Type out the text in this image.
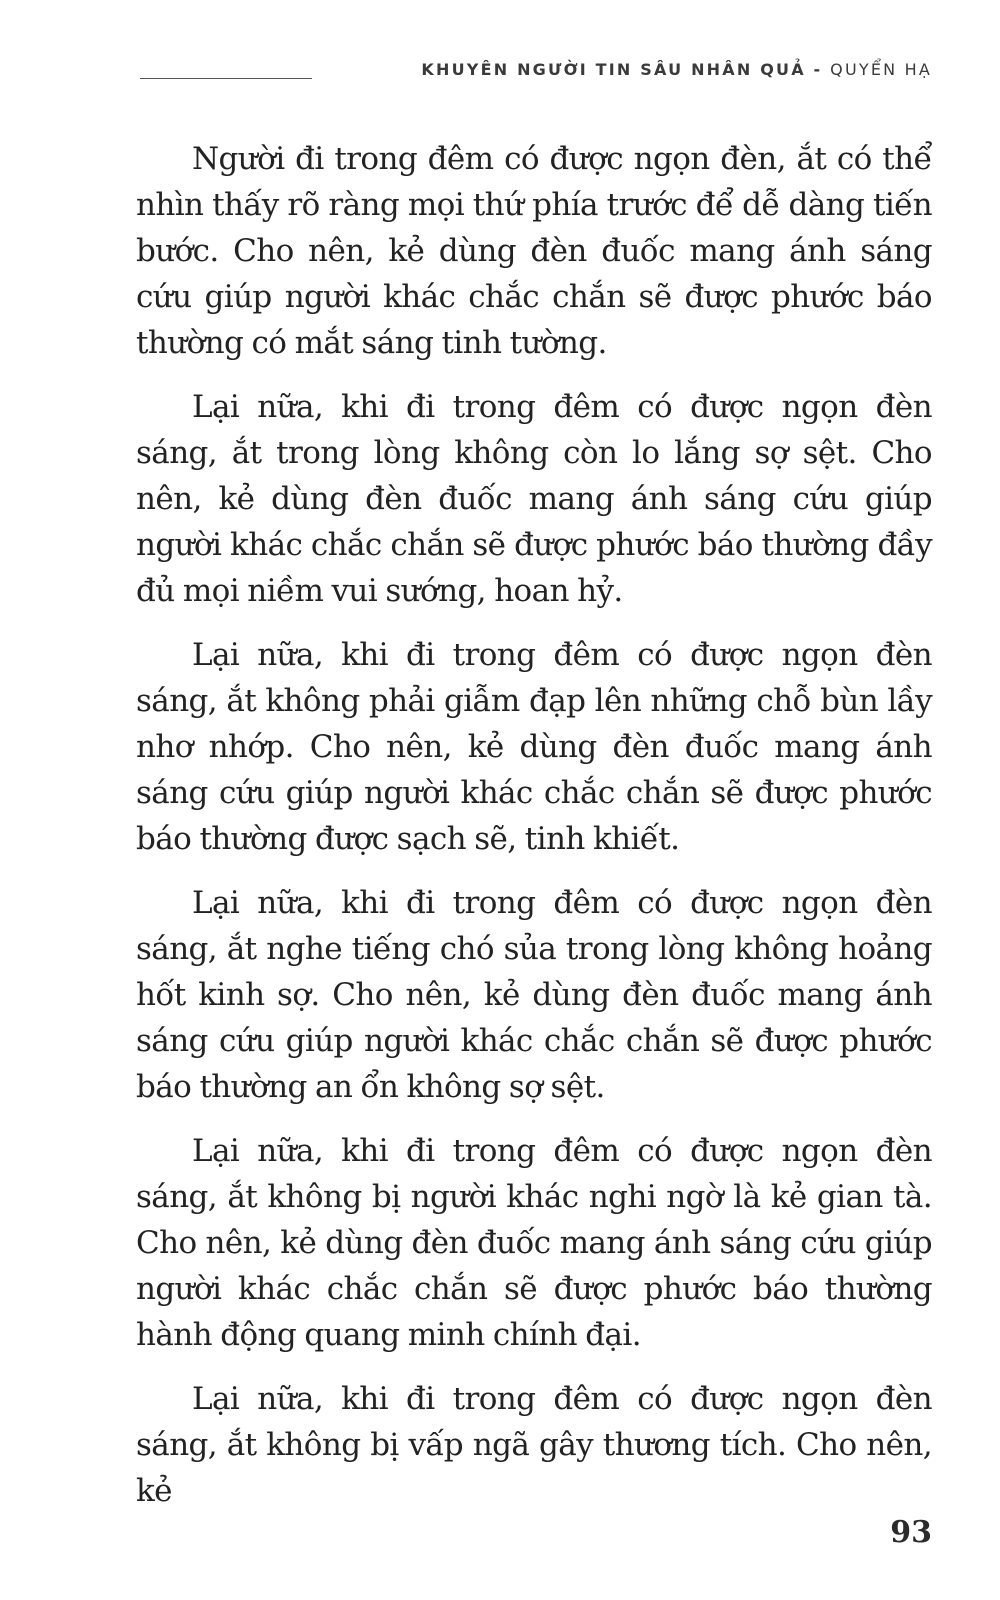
KHUYÊN NGƯỜI TIN SÂU NHÂN QUẢ - QUYỂN HẠ

Người đi trong đêm có được ngọn đèn, ắt có thể nhìn thấy rõ ràng mọi thứ phía trước để dễ dàng tiến bước. Cho nên, kẻ dùng đèn đuốc mang ánh sáng cứu giúp người khác chắc chắn sẽ được phước báo thường có mắt sáng tinh tường.

Lại nữa, khi đi trong đêm có được ngọn đèn sáng, ắt trong lòng không còn lo lắng sợ sệt. Cho nên, kẻ dùng đèn đuốc mang ánh sáng cứu giúp người khác chắc chắn sẽ được phước báo thường đầy đủ mọi niềm vui sướng, hoan hỷ.

Lại nữa, khi đi trong đêm có được ngọn đèn sáng, ắt không phải giẫm đạp lên những chỗ bùn lầy nhơ nhớp. Cho nên, kẻ dùng đèn đuốc mang ánh sáng cứu giúp người khác chắc chắn sẽ được phước báo thường được sạch sẽ, tinh khiết.

Lại nữa, khi đi trong đêm có được ngọn đèn sáng, ắt nghe tiếng chó sủa trong lòng không hoảng hốt kinh sợ. Cho nên, kẻ dùng đèn đuốc mang ánh sáng cứu giúp người khác chắc chắn sẽ được phước báo thường an ổn không sợ sệt.

Lại nữa, khi đi trong đêm có được ngọn đèn sáng, ắt không bị người khác nghi ngờ là kẻ gian tà. Cho nên, kẻ dùng đèn đuốc mang ánh sáng cứu giúp người khác chắc chắn sẽ được phước báo thường hành động quang minh chính đại.

Lại nữa, khi đi trong đêm có được ngọn đèn sáng, ắt không bị vấp ngã gây thương tích. Cho nên, kẻ

93
